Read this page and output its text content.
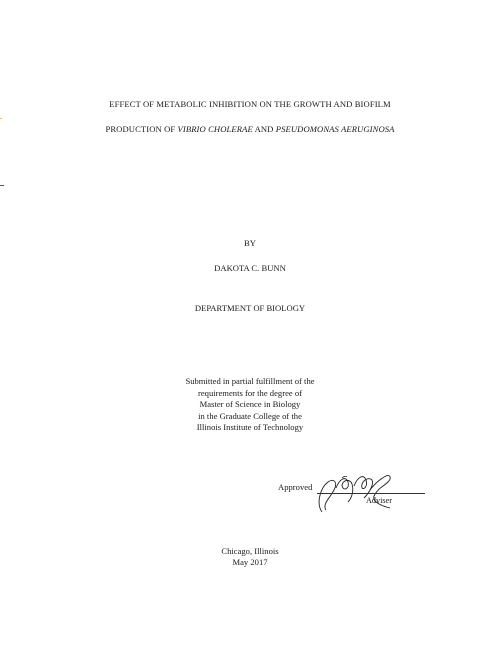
EFFECT OF METABOLIC INHIBITION ON THE GROWTH AND BIOFILM
PRODUCTION OF VIBRIO CHOLERAE AND PSEUDOMONAS AERUGINOSA
BY
DAKOTA C. BUNN
DEPARTMENT OF BIOLOGY
Submitted in partial fulfillment of the
requirements for the degree of
Master of Science in Biology
in the Graduate College of the
Illinois Institute of Technology
Approved
Adviser
Chicago, Illinois
May 2017
